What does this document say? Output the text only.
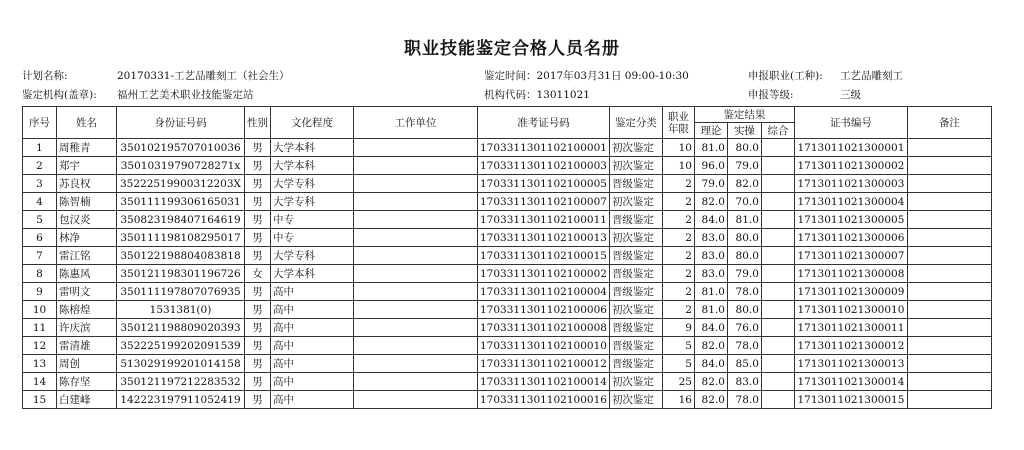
职业技能鉴定合格人员名册
计划名称:	20170331-工艺品雕刻工（社会生）
鉴定机构(盖章): 福州工艺美术职业技能鉴定站
鉴定时间：2017年03月31日 09:00-10:30
机构代码：13011021
申报职业(工种): 工艺品雕刻工
申报等级:	三级
序号	姓名	身份证号码	性别	文化程度	工作单位	准考证号码	鉴定分类	职业年限	鉴定结果			证书编号	备注
									理论	实操	综合		
1	周稚青	350102195707010036	男	大学本科		170331130110210000​1	初次鉴定	10	81.0	80.0		171301102130000​1	
2	郑宇	35010319790728271x	男	大学本科		1703311301102100003	初次鉴定	10	96.0	79.0		1713011021300002	
3	苏良权	35222519900312203X	男	大学专科		1703311301102100005	晋级鉴定	2	79.0	82.0		1713011021300003	
4	陈智楠	350111199306165031	男	大学专科		1703311301102100007	初次鉴定	2	82.0	70.0		1713011021300004	
5	包汉炎	350823198407164619	男	中专		1703311301102100011	晋级鉴定	2	84.0	81.0		1713011021300005	
6	林净	350111198108295017	男	中专		1703311301102100013	初次鉴定	2	83.0	80.0		1713011021300006	
7	雷江铭	350122198804083818	男	大学专科		1703311301102100015	晋级鉴定	2	83.0	80.0		1713011021300007	
8	陈惠风	350121198301196726	女	大学本科		1703311301102100002	晋级鉴定	2	83.0	79.0		1713011021300008	
9	雷明文	350111197807076935	男	高中		1703311301102100004	晋级鉴定	2	81.0	78.0		1713011021300009	
10	陈榕煌	1531381(0)	男	高中		1703311301102100006	初次鉴定	2	81.0	80.0		1713011021300010	
11	许庆滨	350121198809020393	男	高中		1703311301102100008	晋级鉴定	9	84.0	76.0		1713011021300011	
12	雷清雄	352225199202091539	男	高中		1703311301102100010	晋级鉴定	5	82.0	78.0		1713011021300012	
13	周创	513029199201014158	男	高中		1703311301102100012	晋级鉴定	5	84.0	85.0		1713011021300013	
14	陈存坚	350121197212283532	男	高中		1703311301102100014	初次鉴定	25	82.0	83.0		1713011021300014	
15	白建峰	142223197911052419	男	高中		1703311301102100016	初次鉴定	16	82.0	78.0		1713011021300015	
